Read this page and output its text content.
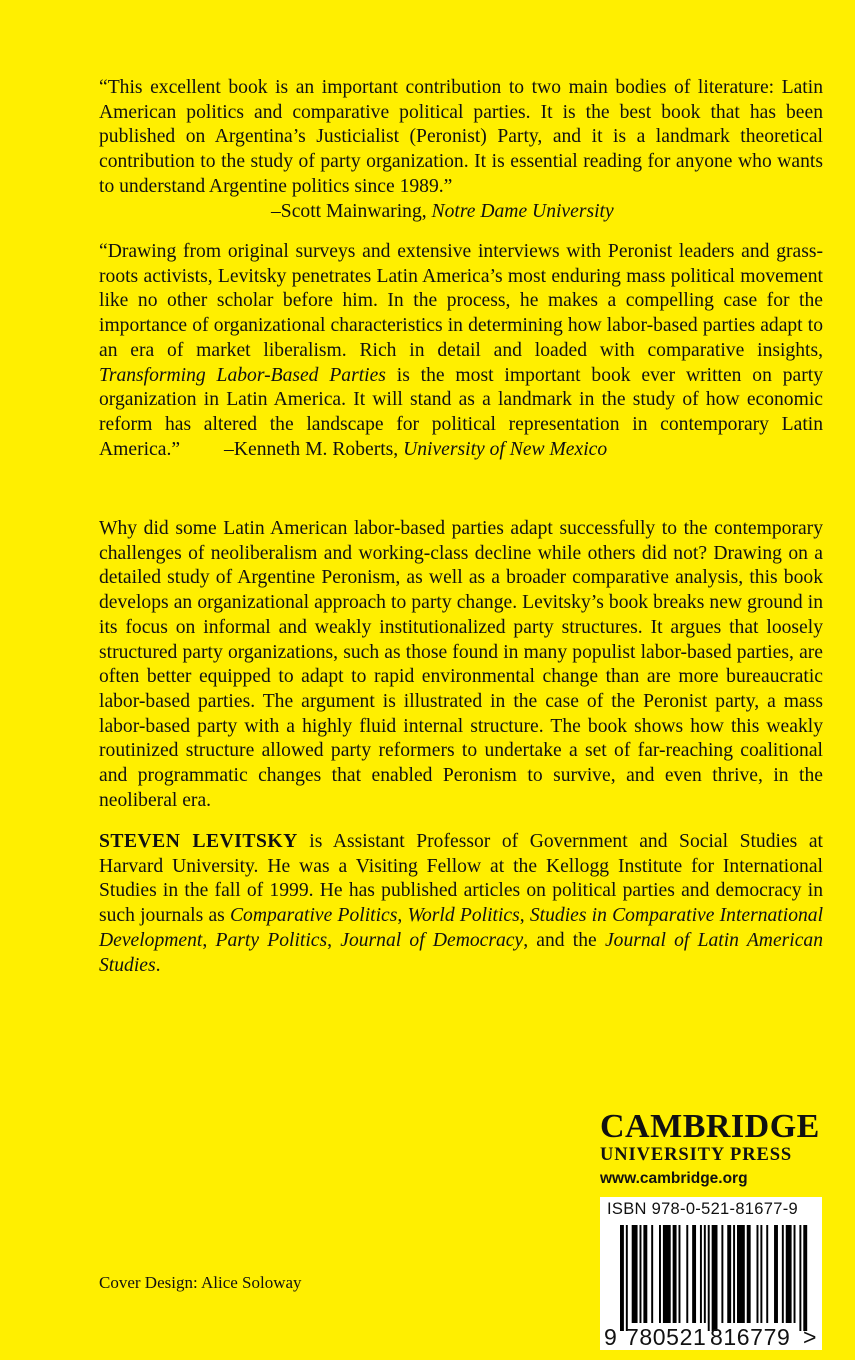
“This excellent book is an important contribution to two main bodies of literature: Latin American politics and comparative political parties. It is the best book that has been published on Argentina’s Justicialist (Peronist) Party, and it is a landmark theoretical contribution to the study of party organization. It is essential reading for anyone who wants to understand Argentine politics since 1989.”

–Scott Mainwaring, Notre Dame University

“Drawing from original surveys and extensive interviews with Peronist leaders and grass-roots activists, Levitsky penetrates Latin America’s most enduring mass political movement like no other scholar before him. In the process, he makes a compelling case for the importance of organizational characteristics in determining how labor-based parties adapt to an era of market liberalism. Rich in detail and loaded with comparative insights, Transforming Labor-Based Parties is the most important book ever written on party organization in Latin America. It will stand as a landmark in the study of how economic reform has altered the landscape for political representation in contemporary Latin America.” –Kenneth M. Roberts, University of New Mexico

Why did some Latin American labor-based parties adapt successfully to the contemporary challenges of neoliberalism and working-class decline while others did not? Drawing on a detailed study of Argentine Peronism, as well as a broader comparative analysis, this book develops an organizational approach to party change. Levitsky’s book breaks new ground in its focus on informal and weakly institutionalized party structures. It argues that loosely structured party organizations, such as those found in many populist labor-based parties, are often better equipped to adapt to rapid environmental change than are more bureaucratic labor-based parties. The argument is illustrated in the case of the Peronist party, a mass labor-based party with a highly fluid internal structure. The book shows how this weakly routinized structure allowed party reformers to undertake a set of far-reaching coalitional and programmatic changes that enabled Peronism to survive, and even thrive, in the neoliberal era.

STEVEN LEVITSKY is Assistant Professor of Government and Social Studies at Harvard University. He was a Visiting Fellow at the Kellogg Institute for International Studies in the fall of 1999. He has published articles on political parties and democracy in such journals as Comparative Politics, World Politics, Studies in Comparative International Development, Party Politics, Journal of Democracy, and the Journal of Latin American Studies.

CAMBRIDGE
UNIVERSITY PRESS
www.cambridge.org
ISBN 978-0-521-81677-9
9 780521 816779 >
Cover Design: Alice Soloway
